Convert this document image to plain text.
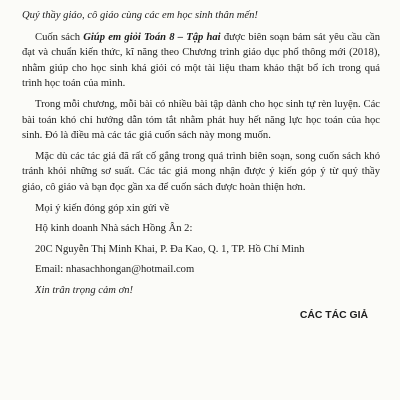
Quý thầy giáo, cô giáo cùng các em học sinh thân mến!

Cuốn sách Giúp em giỏi Toán 8 – Tập hai được biên soạn bám sát yêu cầu cần đạt và chuẩn kiến thức, kĩ năng theo Chương trình giáo dục phổ thông mới (2018), nhằm giúp cho học sinh khá giỏi có một tài liệu tham khảo thật bổ ích trong quá trình học toán của mình.

Trong mỗi chương, mỗi bài có nhiều bài tập dành cho học sinh tự rèn luyện. Các bài toán khó chỉ hướng dẫn tóm tắt nhằm phát huy hết năng lực học toán của học sinh. Đó là điều mà các tác giả cuốn sách này mong muốn.

Mặc dù các tác giả đã rất cố gắng trong quá trình biên soạn, song cuốn sách khó tránh khỏi những sơ suất. Các tác giả mong nhận được ý kiến góp ý từ quý thầy giáo, cô giáo và bạn đọc gần xa để cuốn sách được hoàn thiện hơn.

Mọi ý kiến đóng góp xin gửi về

Hộ kinh doanh Nhà sách Hồng Ân 2:

20C Nguyễn Thị Minh Khai, P. Đa Kao, Q. 1, TP. Hồ Chí Minh

Email: nhasachhongan@hotmail.com

Xin trân trọng cảm ơn!

CÁC TÁC GIẢ
